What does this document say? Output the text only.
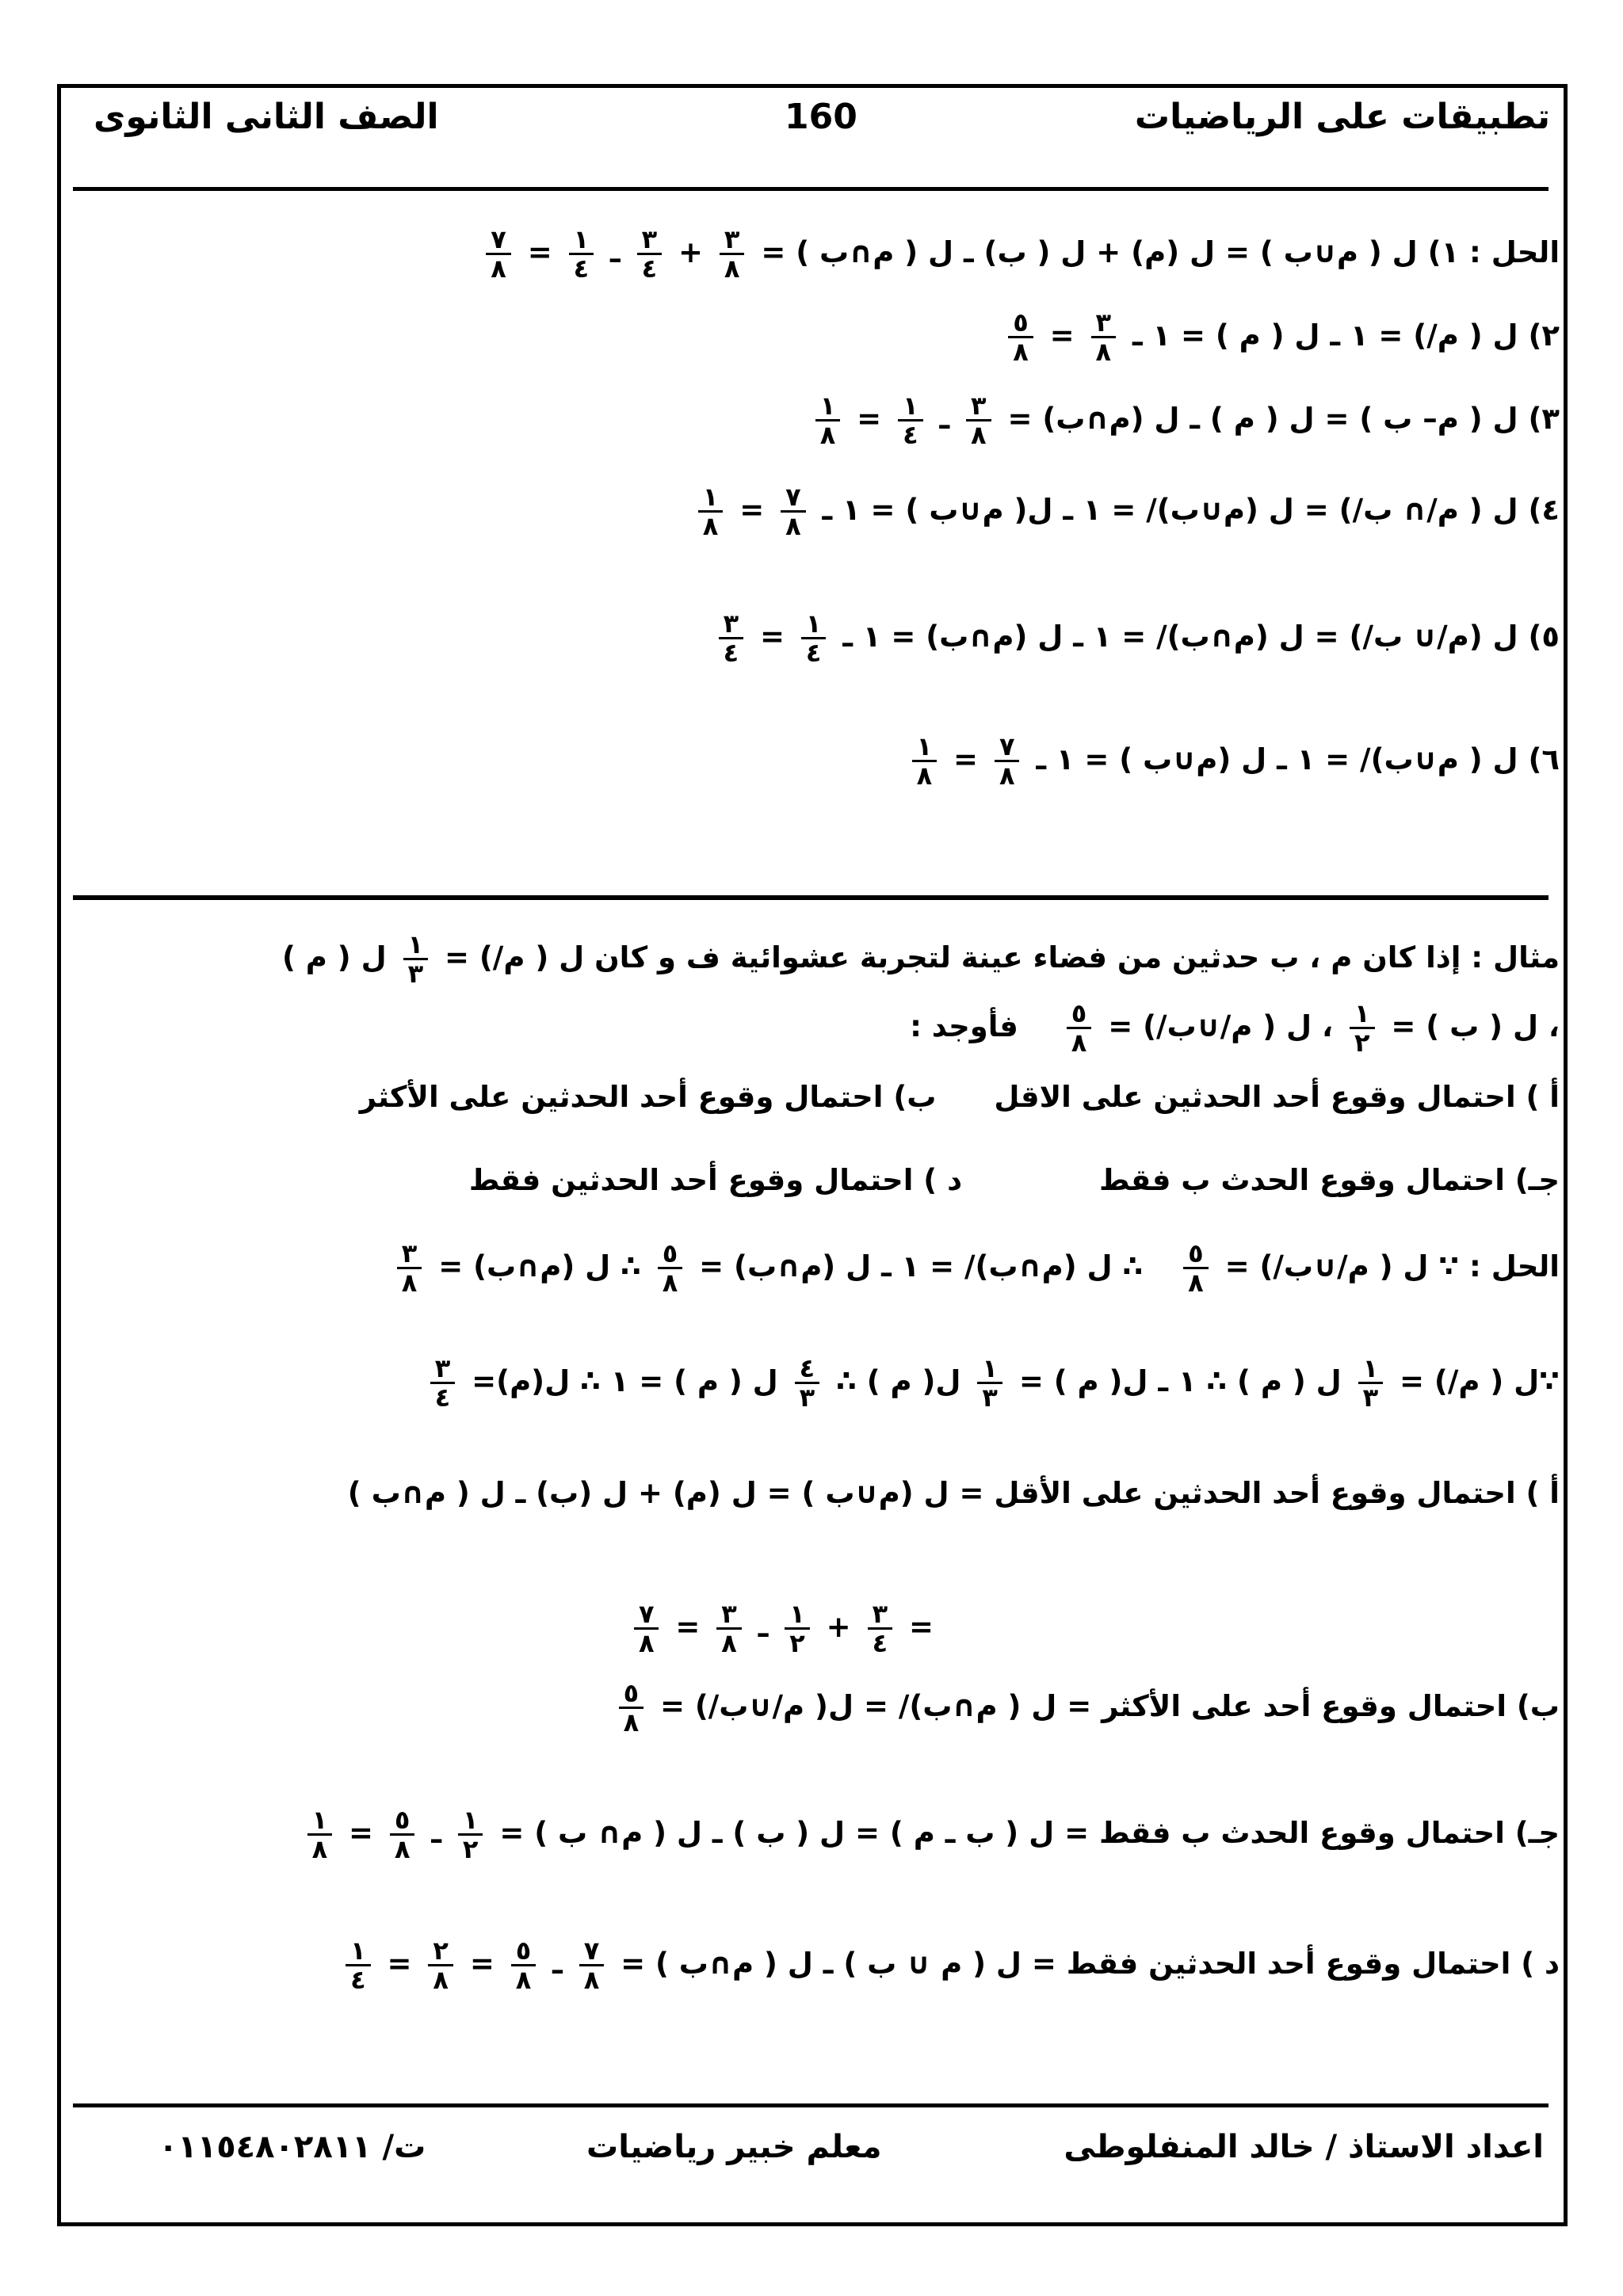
تطبيقات على الرياضيات
160
الصف الثانى الثانوى
الحل : ١) ل ( ﻡ∪ب ) = ل (ﻡ) + ل ( ب) ـ ل ( ﻡ∩ب ) =
$\frac{٣}{٨}$
+
$\frac{٣}{٤}$
ـ
$\frac{١}{٤}$
=
$\frac{٧}{٨}$
٢) ل ( ﻡ/) = ١ ـ ل ( ﻡ ) = ١ ـ
$\frac{٣}{٨}$
=
$\frac{٥}{٨}$
٣) ل ( ﻡ– ب ) = ل ( ﻡ ) ـ ل (ﻡ∩ب) =
$\frac{٣}{٨}$
ـ
$\frac{١}{٤}$
=
$\frac{١}{٨}$
٤) ل ( ﻡ/∩ ب/) = ل (ﻡ∪ب)/ = ١ ـ ل( ﻡ∪ب ) = ١ ـ
$\frac{٧}{٨}$
=
$\frac{١}{٨}$
٥) ل (ﻡ/∪ ب/) = ل (ﻡ∩ب)/ = ١ ـ ل (ﻡ∩ب) = ١ ـ
$\frac{١}{٤}$
=
$\frac{٣}{٤}$
٦) ل ( ﻡ∪ب)/ = ١ ـ ل (ﻡ∪ب ) = ١ ـ
$\frac{٧}{٨}$
=
$\frac{١}{٨}$
مثال : إذا كان ﻡ ، ب حدثين من فضاء عينة لتجربة عشوائية ف و كان ل ( ﻡ/) =
$\frac{١}{٣}$
ل ( ﻡ )
، ل ( ب ) =
$\frac{١}{٢}$
، ل ( ﻡ/∪ب/) =
$\frac{٥}{٨}$
فأوجد :
أ ) احتمال وقوع أحد الحدثين على الاقل ب) احتمال وقوع أحد الحدثين على الأكثر
جـ) احتمال وقوع الحدث ب فقط د ) احتمال وقوع أحد الحدثين فقط
الحل : ∵ ل ( ﻡ/∪ب/) =
$\frac{٥}{٨}$
∴ ل (ﻡ∩ب)/ = ١ ـ ل (ﻡ∩ب) =
$\frac{٥}{٨}$
∴ ل (ﻡ∩ب) =
$\frac{٣}{٨}$
∵ل ( ﻡ/) =
$\frac{١}{٣}$
ل ( ﻡ ) ∴ ١ ـ ل( ﻡ ) =
$\frac{١}{٣}$
ل( ﻡ ) ∴
$\frac{٤}{٣}$
ل ( ﻡ ) = ١ ∴ ل(ﻡ)=
$\frac{٣}{٤}$
أ ) احتمال وقوع أحد الحدثين على الأقل = ل (ﻡ∪ب ) = ل (ﻡ) + ل (ب) ـ ل ( ﻡ∩ب )
=
$\frac{٣}{٤}$
+
$\frac{١}{٢}$
ـ
$\frac{٣}{٨}$
=
$\frac{٧}{٨}$
ب) احتمال وقوع أحد على الأكثر = ل ( ﻡ∩ب)/ = ل( ﻡ/∪ب/) =
$\frac{٥}{٨}$
جـ) احتمال وقوع الحدث ب فقط = ل ( ب ـ ﻡ ) = ل ( ب ) ـ ل ( ﻡ∩ ب ) =
$\frac{١}{٢}$
ـ
$\frac{٥}{٨}$
=
$\frac{١}{٨}$
د ) احتمال وقوع أحد الحدثين فقط = ل ( ﻡ ∪ ب ) ـ ل ( ﻡ∩ب ) =
$\frac{٧}{٨}$
ـ
$\frac{٥}{٨}$
=
$\frac{٢}{٨}$
=
$\frac{١}{٤}$
اعداد الاستاذ / خالد المنفلوطى
معلم خبير رياضيات
ت/ ٠١١٥٤٨٠٢٨١١
